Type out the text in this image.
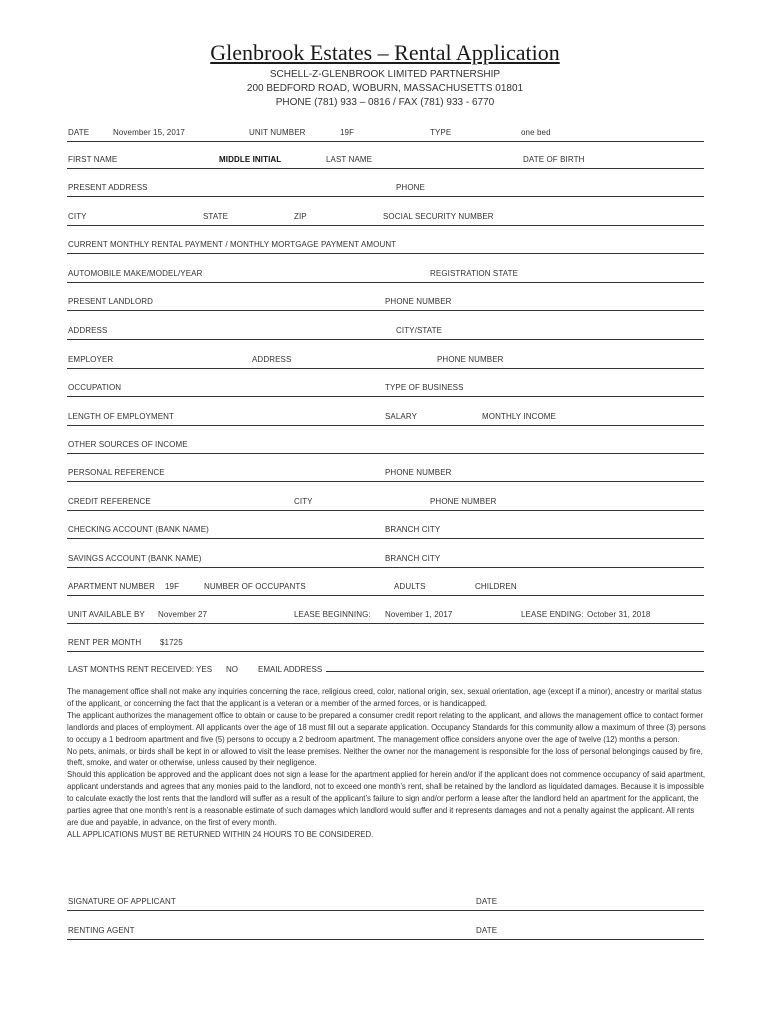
Glenbrook Estates – Rental Application
SCHELL-Z-GLENBROOK LIMITED PARTNERSHIP
200 BEDFORD ROAD, WOBURN, MASSACHUSETTS 01801
PHONE (781) 933 – 0816 / FAX (781) 933 - 6770
DATE	November 15, 2017	UNIT NUMBER	19F	TYPE	one bed
FIRST NAME	MIDDLE INITIAL	LAST NAME	DATE OF BIRTH
PRESENT ADDRESS	PHONE
CITY	STATE	ZIP	SOCIAL SECURITY NUMBER
CURRENT MONTHLY RENTAL PAYMENT / MONTHLY MORTGAGE PAYMENT AMOUNT
AUTOMOBILE MAKE/MODEL/YEAR	REGISTRATION STATE
PRESENT LANDLORD	PHONE NUMBER
ADDRESS	CITY/STATE
EMPLOYER	ADDRESS	PHONE NUMBER
OCCUPATION	TYPE OF BUSINESS
LENGTH OF EMPLOYMENT	SALARY	MONTHLY INCOME
OTHER SOURCES OF INCOME
PERSONAL REFERENCE	PHONE NUMBER
CREDIT REFERENCE	CITY	PHONE NUMBER
CHECKING ACCOUNT (BANK NAME)	BRANCH CITY
SAVINGS ACCOUNT (BANK NAME)	BRANCH CITY
APARTMENT NUMBER 19F	NUMBER OF OCCUPANTS	ADULTS	CHILDREN
UNIT AVAILABLE BY November 27	LEASE BEGINNING: November 1, 2017	LEASE ENDING: October 31, 2018
RENT PER MONTH $1725
LAST MONTHS RENT RECEIVED: YES NO	EMAIL ADDRESS

The management office shall not make any inquiries concerning the race, religious creed, color, national origin, sex, sexual orientation, age (except if a minor), ancestry or marital status of the applicant, or concerning the fact that the applicant is a veteran or a member of the armed forces, or is handicapped.

The applicant authorizes the management office to obtain or cause to be prepared a consumer credit report relating to the applicant, and allows the management office to contact former landlords and places of employment. All applicants over the age of 18 must fill out a separate application. Occupancy Standards for this community allow a maximum of three (3) persons to occupy a 1 bedroom apartment and five (5) persons to occupy a 2 bedroom apartment. The management office considers anyone over the age of twelve (12) months a person.

No pets, animals, or birds shall be kept in or allowed to visit the lease premises. Neither the owner nor the management is responsible for the loss of personal belongings caused by fire, theft, smoke, and water or otherwise, unless caused by their negligence.

Should this application be approved and the applicant does not sign a lease for the apartment applied for herein and/or if the applicant does not commence occupancy of said apartment, applicant understands and agrees that any monies paid to the landlord, not to exceed one month’s rent, shall be retained by the landlord as liquidated damages. Because it is impossible to calculate exactly the lost rents that the landlord will suffer as a result of the applicant’s failure to sign and/or perform a lease after the landlord held an apartment for the applicant, the parties agree that one month’s rent is a reasonable estimate of such damages which landlord would suffer and it represents damages and not a penalty against the applicant. All rents are due and payable, in advance, on the first of every month.

ALL APPLICATIONS MUST BE RETURNED WITHIN 24 HOURS TO BE CONSIDERED.

SIGNATURE OF APPLICANT	DATE
RENTING AGENT	DATE
